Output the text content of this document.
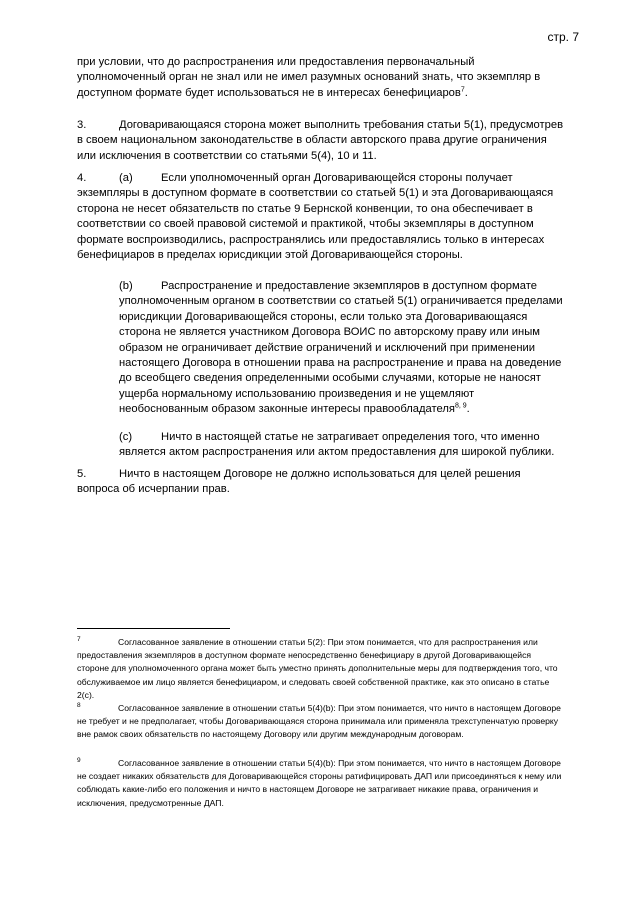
стр. 7

при условии, что до распространения или предоставления первоначальный уполномоченный орган не знал или не имел разумных оснований знать, что экземпляр в доступном формате будет использоваться не в интересах бенефициаров$^7$.

3.	Договаривающаяся сторона может выполнить требования статьи 5(1), предусмотрев в своем национальном законодательстве в области авторского права другие ограничения или исключения в соответствии со статьями 5(4), 10 и 11.

4.	(a)	Если уполномоченный орган Договаривающейся стороны получает экземпляры в доступном формате в соответствии со статьей 5(1) и эта Договаривающаяся сторона не несет обязательств по статье 9 Бернской конвенции, то она обеспечивает в соответствии со своей правовой системой и практикой, чтобы экземпляры в доступном формате воспроизводились, распространялись или предоставлялись только в интересах бенефициаров в пределах юрисдикции этой Договаривающейся стороны.

(b)	Распространение и предоставление экземпляров в доступном формате уполномоченным органом в соответствии со статьей 5(1) ограничивается пределами юрисдикции Договаривающейся стороны, если только эта Договаривающаяся сторона не является участником Договора ВОИС по авторскому праву или иным образом не ограничивает действие ограничений и исключений при применении настоящего Договора в отношении права на распространение и права на доведение до всеобщего сведения определенными особыми случаями, которые не наносят ущерба нормальному использованию произведения и не ущемляют необоснованным образом законные интересы правообладателя$^{8, 9}$.

(c)	Ничто в настоящей статье не затрагивает определения того, что именно является актом распространения или актом предоставления для широкой публики.

5.	Ничто в настоящем Договоре не должно использоваться для целей решения вопроса об исчерпании прав.

7	Согласованное заявление в отношении статьи 5(2): При этом понимается, что для распространения или предоставления экземпляров в доступном формате непосредственно бенефициару в другой Договаривающейся стороне для уполномоченного органа может быть уместно принять дополнительные меры для подтверждения того, что обслуживаемое им лицо является бенефициаром, и следовать своей собственной практике, как это описано в статье 2(c).

8	Согласованное заявление в отношении статьи 5(4)(b): При этом понимается, что ничто в настоящем Договоре не требует и не предполагает, чтобы Договаривающаяся сторона принимала или применяла трехступенчатую проверку вне рамок своих обязательств по настоящему Договору или другим международным договорам.

9	Согласованное заявление в отношении статьи 5(4)(b): При этом понимается, что ничто в настоящем Договоре не создает никаких обязательств для Договаривающейся стороны ратифицировать ДАП или присоединяться к нему или соблюдать какие-либо его положения и ничто в настоящем Договоре не затрагивает никакие права, ограничения и исключения, предусмотренные ДАП.
